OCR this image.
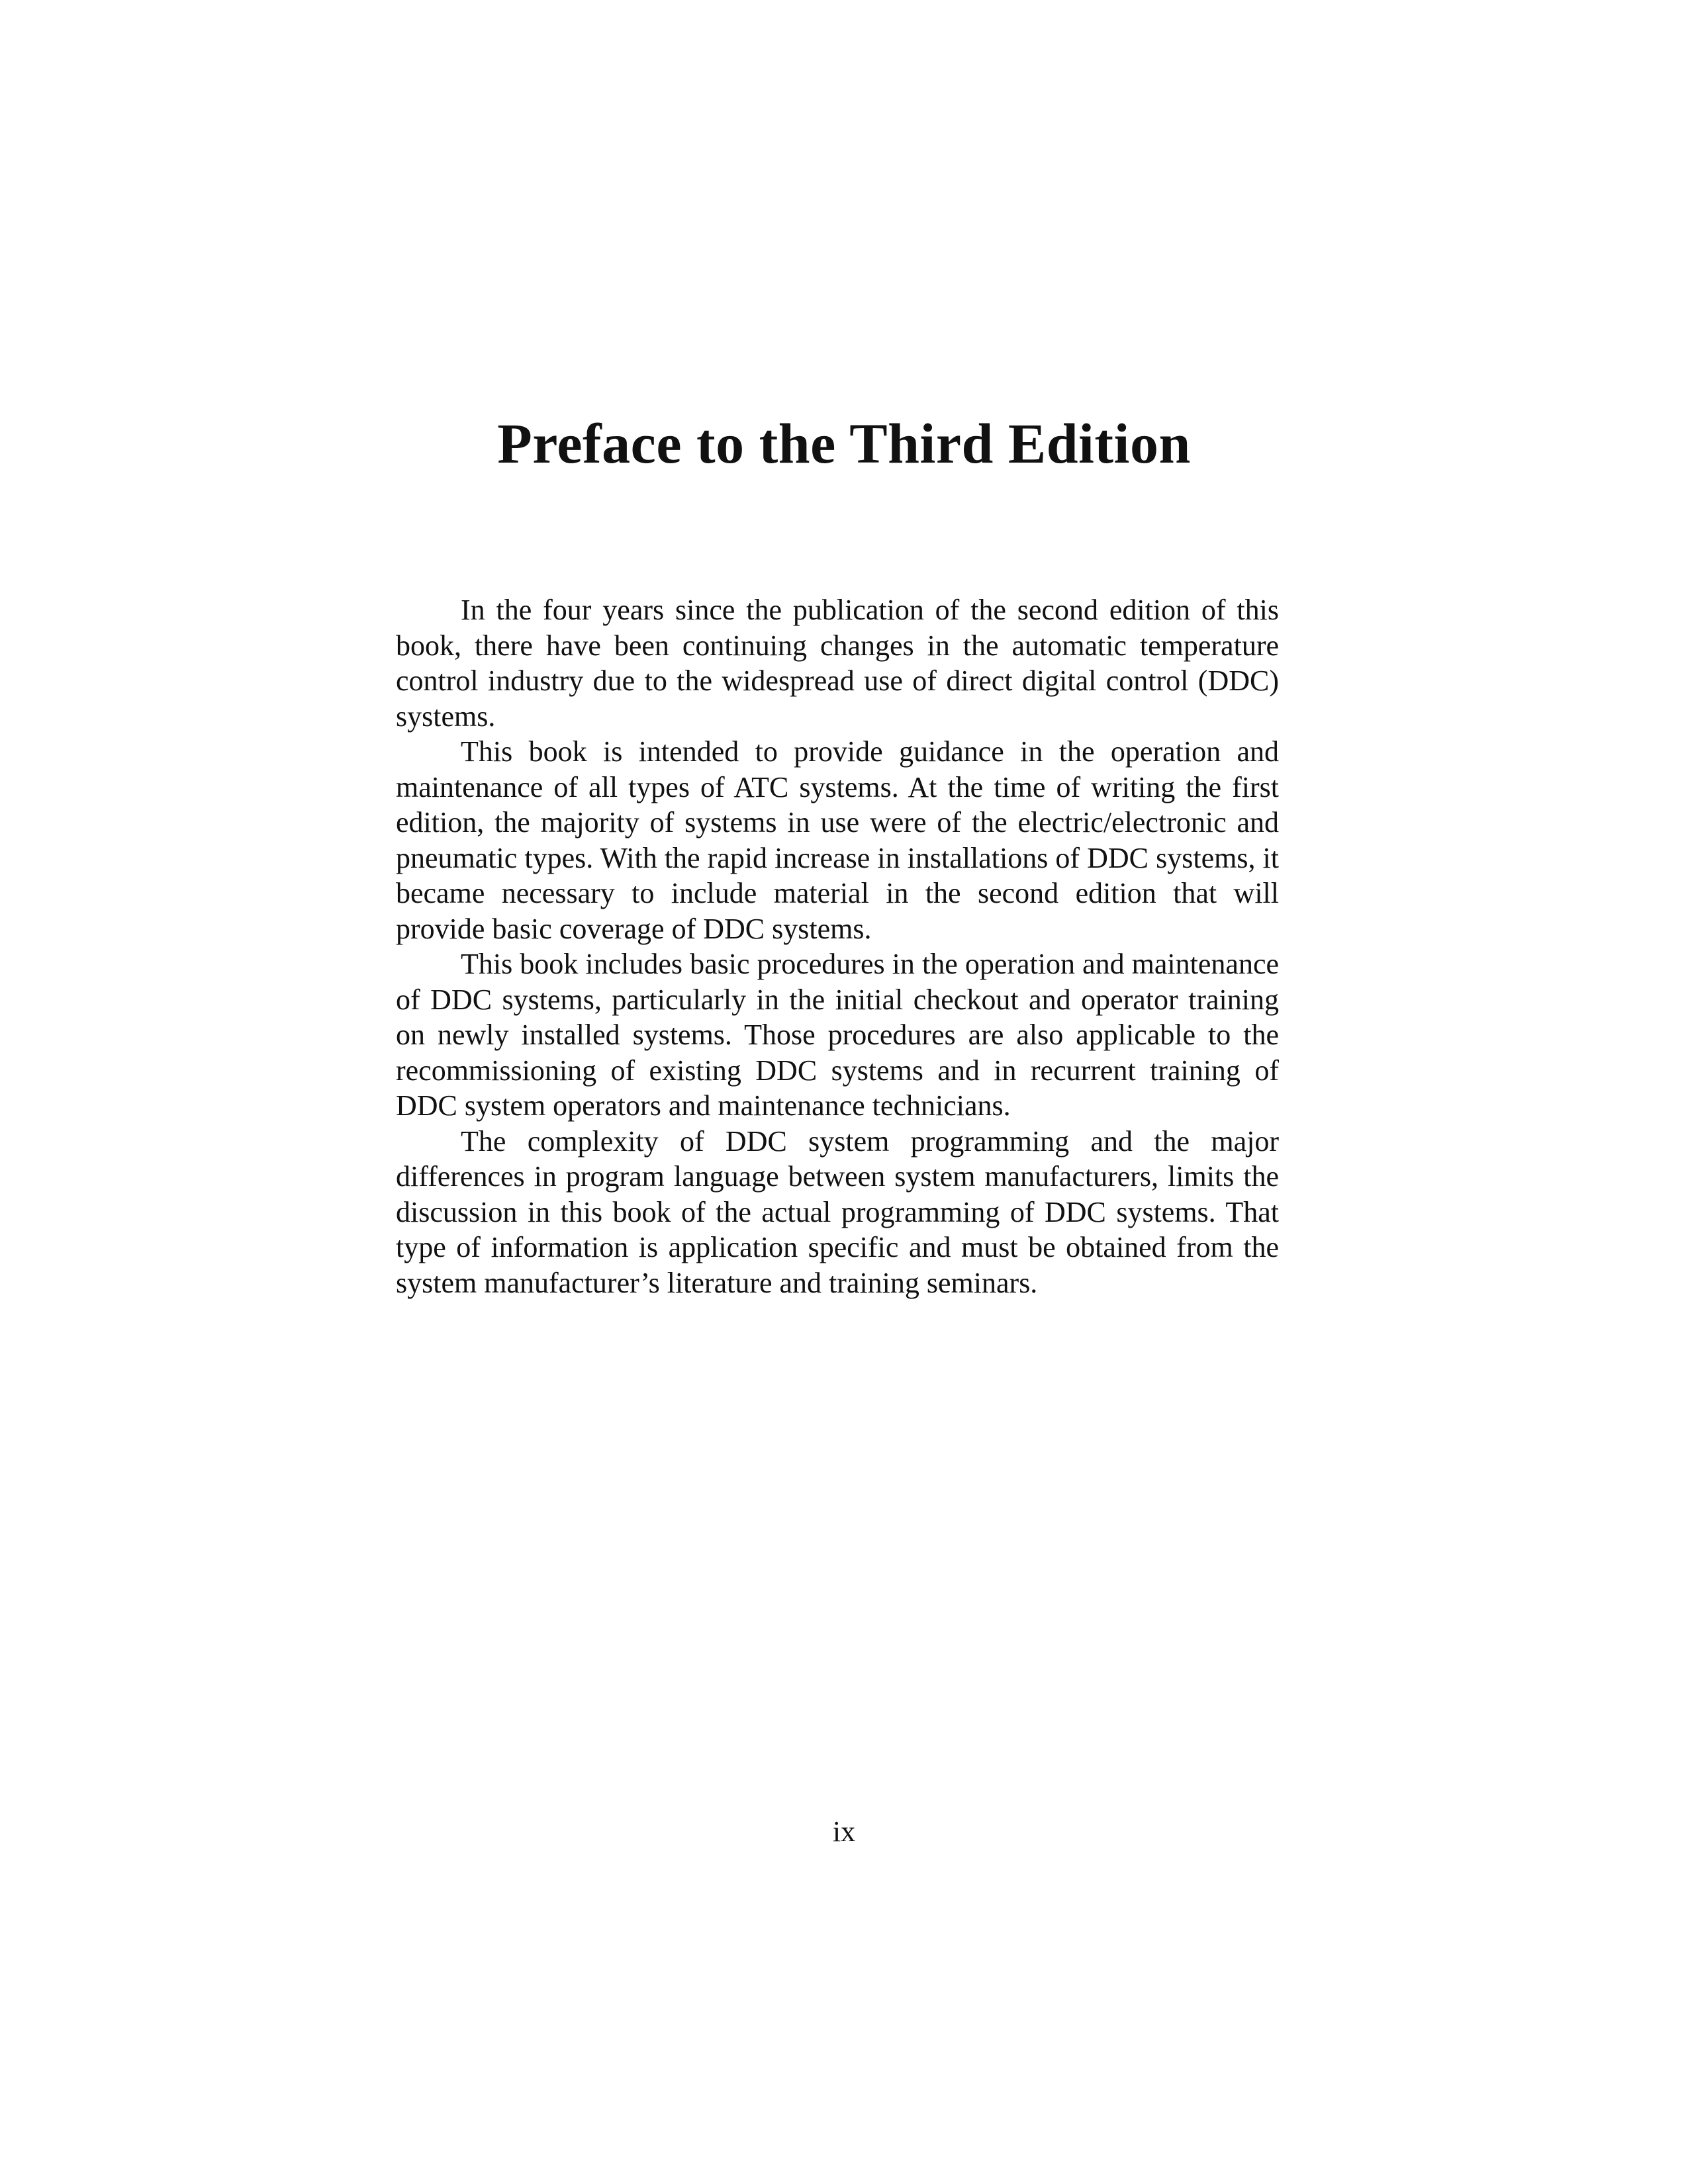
Preface to the Third Edition

In the four years since the publication of the second edition of this book, there have been continuing changes in the automatic temperature control industry due to the widespread use of direct digital control (DDC) systems.

This book is intended to provide guidance in the operation and maintenance of all types of ATC systems. At the time of writing the first edition, the majority of systems in use were of the electric/electronic and pneumatic types. With the rapid increase in installations of DDC systems, it became necessary to include material in the second edition that will provide basic coverage of DDC systems.

This book includes basic procedures in the operation and maintenance of DDC systems, particularly in the initial checkout and operator training on newly installed systems. Those procedures are also applicable to the recommissioning of existing DDC systems and in recurrent training of DDC system operators and maintenance technicians.

The complexity of DDC system programming and the major differences in program language between system manufacturers, limits the discussion in this book of the actual programming of DDC systems. That type of information is application specific and must be obtained from the system manufacturer’s literature and training seminars.

ix
